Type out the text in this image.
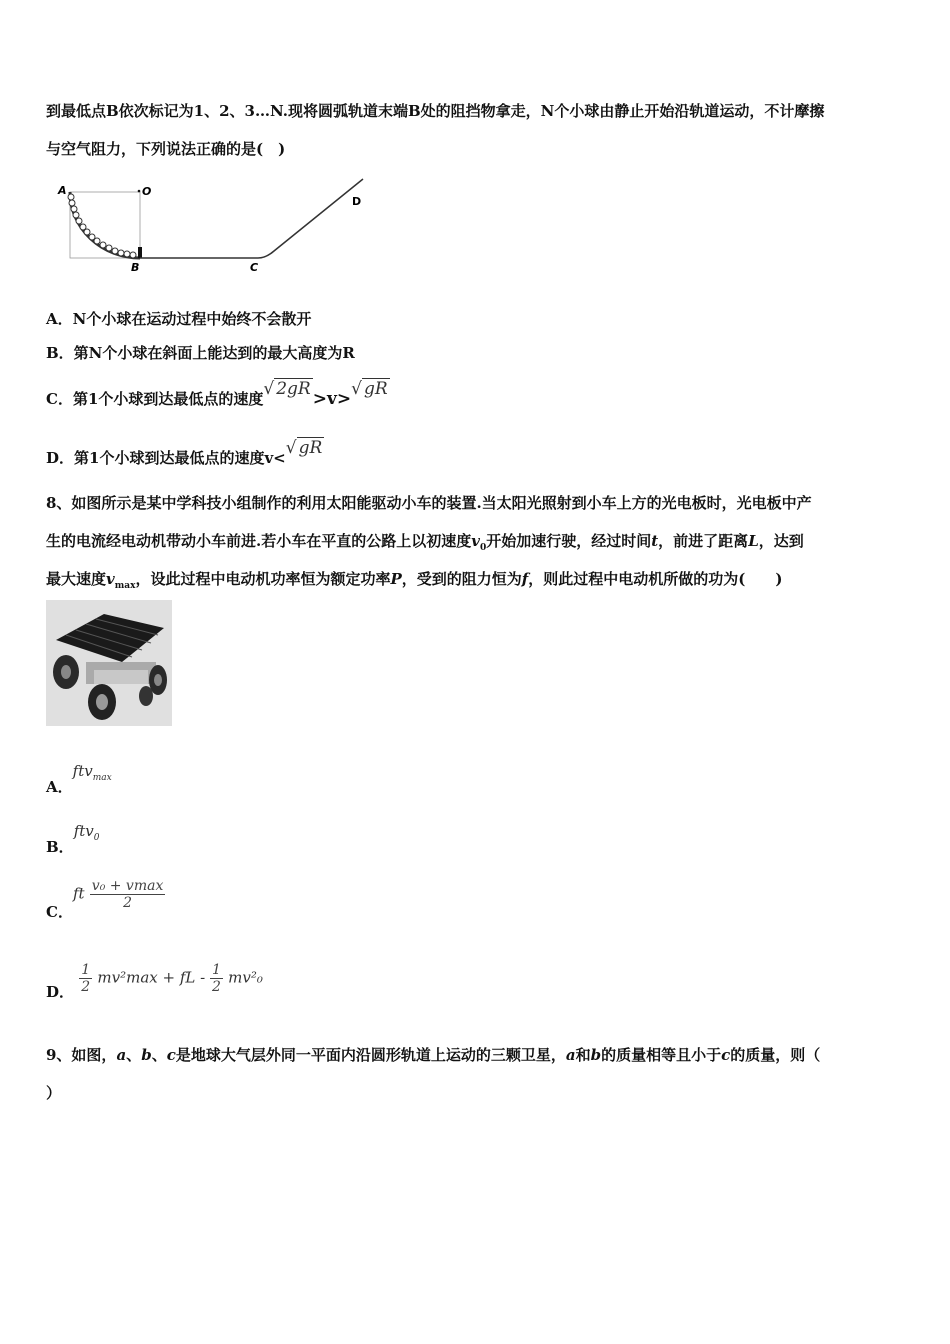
到最低点B依次标记为1、2、3…N.现将圆弧轨道末端B处的阻挡物拿走，N个小球由静止开始沿轨道运动，不计摩擦
与空气阻力，下列说法正确的是(　)
A	O
B	C
D
A．N个小球在运动过程中始终不会散开
B．第N个小球在斜面上能达到的最大高度为R
C．第1个小球到达最低点的速度√ 2gR >v>√ gR
D．第1个小球到达最低点的速度v<√ gR
8、如图所示是某中学科技小组制作的利用太阳能驱动小车的装置.当太阳光照射到小车上方的光电板时，光电板中产
生的电流经电动机带动小车前进.若小车在平直的公路上以初速度$v_0$开始加速行驶，经过时间t，前进了距离L，达到
最大速度$v_{max}$，设此过程中电动机功率恒为额定功率P，受到的阻力恒为f，则此过程中电动机所做的功为(　　)
A．ftv$_{max}$
B．ftv$_0$
C．ft $\frac{\text{v₀ + vmax}}{2}$
D． $\frac{1}{2} mv^2\max$ + fL - $\frac{1}{2} mv^2_0$
9、如图，a、b、c是地球大气层外同一平面内沿圆形轨道上运动的三颗卫星，a和b的质量相等且小于c的质量，则（
）
